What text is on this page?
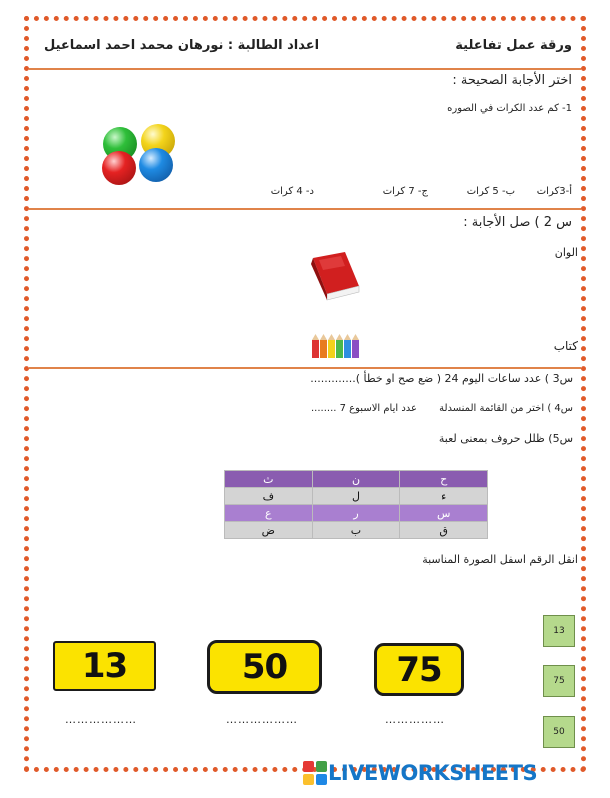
ورقة عمل تفاعلية
اعداد الطالبة : نورهان محمد احمد اسماعيل
اختر الأجابة الصحيحة :
1- كم عدد الكرات في الصوره
أ-3كرات
ب- 5 كرات
ج- 7 كرات
د- 4 كرات
س 2 ) صل الأجابة :
الوان
كتاب
س3 ) عدد ساعات اليوم 24 ( ضع صح او خطأ ).............
س4 ) اختر من القائمة المنسدلة
عدد ايام الاسبوع 7 ........
س5) ظلل حروف بمعنى لعبة
ث	ن	ح
ف	ل	ء
ع	ر	س
ض	ب	ق
انقل الرقم اسفل الصورة المناسبة
13	50	75
………………	………………	……………
13
75
50
LIVEWORKSHEETS
